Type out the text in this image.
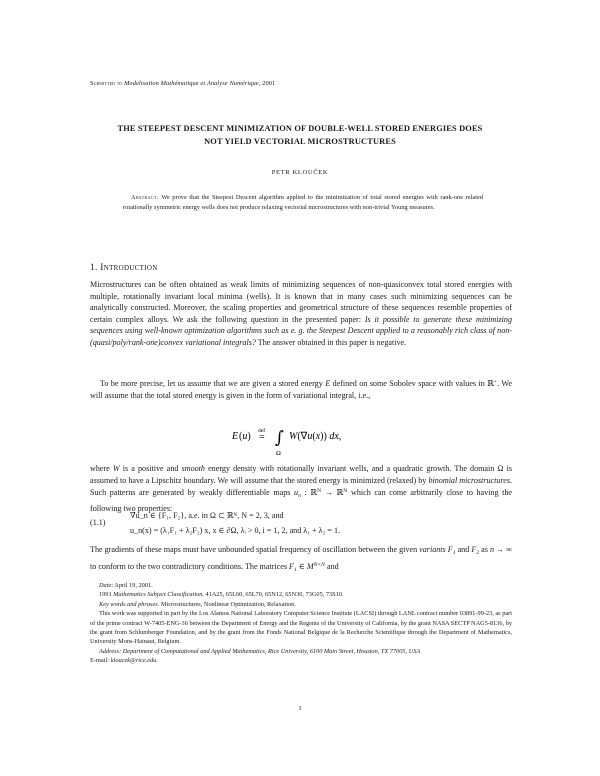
Submitted to Modelisation Mathématique et Analyse Numérique, 2001
THE STEEPEST DESCENT MINIMIZATION OF DOUBLE-WELL STORED ENERGIES DOES
NOT YIELD VECTORIAL MICROSTRUCTURES
PETR KLOUČEK
Abstract. We prove that the Steepest Descent algorithm applied to the minimization of total stored energies with rank-one related rotationally symmetric energy wells does not produce relaxing vectorial microstructures with non-trivial Young measures.
1. Introduction

Microstructures can be often obtained as weak limits of minimizing sequences of non-quasiconvex total stored energies with multiple, rotationally invariant local minima (wells). It is known that in many cases such minimizing sequences can be analytically constructed. Moreover, the scaling properties and geometrical structure of these sequences resemble properties of certain complex alloys. We ask the following question in the presented paper: Is it possible to generate these minimizing sequences using well-known optimization algorithms such as e. g. the Steepest Descent applied to a reasonably rich class of non-(quasi/poly/rank-one)convex variational integrals? The answer obtained in this paper is negative.

To be more precise, let us assume that we are given a stored energy E defined on some Sobolev space with values in ℝ+. We will assume that the total stored energy is given in the form of variational integral, i.e.,

E (u) def
= ∫
Ω
W(∇u(x)) dx,

where W is a positive and smooth energy density with rotationally invariant wells, and a quadratic growth. The domain Ω is assumed to have a Lipschitz boundary. We will assume that the stored energy is minimized (relaxed) by binomial microstructures. Such patterns are generated by weakly differentiable maps $u_n$ : ℝ$^N$ → ℝ$^N$ which can come arbitrarily close to having the following two properties:

(1.1)
∇u_n ∈ {F₁, F₂}, a.e. in Ω ⊂ ℝᴺ, N = 2, 3, and
u_n(x) = (λ₁F₁ + λ₂F₂) x, x ∈ ∂Ω, λᵢ > 0, i = 1, 2, and λ₁ + λ₂ = 1.

The gradients of these maps must have unbounded spatial frequency of oscillation between the given variants $F_1$ and $F_2$ as n → ∞ to conform to the two contradictory conditions. The matrices $F_1$ ∈ $M^{N\times N}$ and

Date: April 19, 2001.

1991 Mathematics Subject Classification. 41A25, 65L60, 65L70, 65N12, 65N30, 73G05, 73S10.

Key words and phrases. Microstructures, Nonlinear Optimization, Relaxation.

This work was supported in part by the Los Alamos National Laboratory Computer Science Institute (LACSI) through LANL contract number 03891-99-23, as part of the prime contract W-7405-ENG-36 between the Department of Energy and the Regents of the University of California, by the grant NASA SECTP NAG5-8136, by the grant from Schlumberger Foundation, and by the grant from the Fonds National Belgique de la Recherche Scientifique through the Department of Mathematics, University Mons-Hainaut, Belgium.

Address: Department of Computational and Applied Mathematics, Rice University, 6100 Main Street, Houston, TX 77005, USA

E-mail: kloucek@rice.edu.

1
